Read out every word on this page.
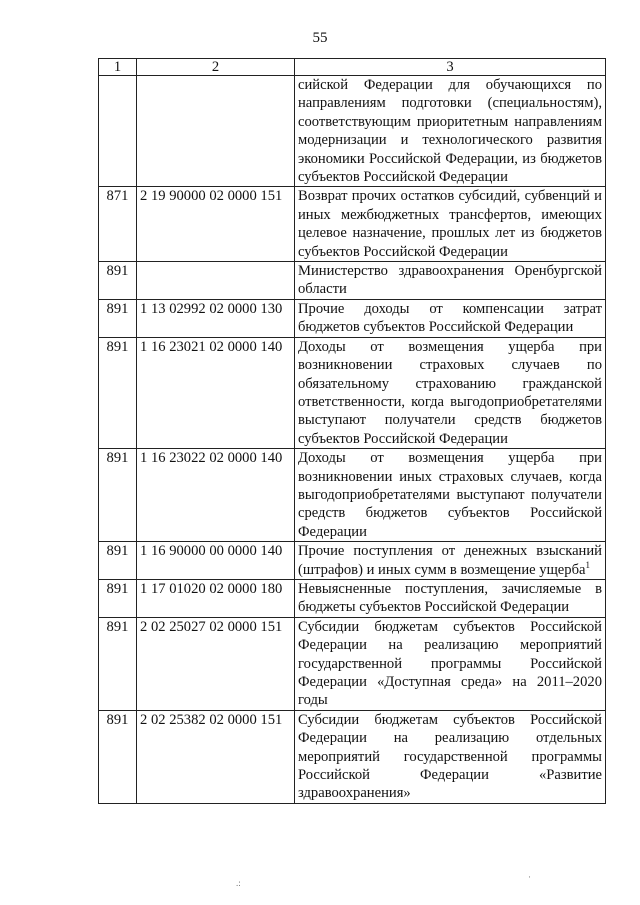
55
1	2	3
		сийской Федерации для обучающихся по направлениям подготовки (специальностям), соответствующим приоритетным направлениям модернизации и технологического развития экономики Российской Федерации, из бюджетов субъектов Российской Федерации
871	2 19 90000 02 0000 151	Возврат прочих остатков субсидий, субвенций и иных межбюджетных трансфертов, имеющих целевое назначение, прошлых лет из бюджетов субъектов Российской Федерации
891		Министерство здравоохранения Оренбургской области
891	1 13 02992 02 0000 130	Прочие доходы от компенсации затрат бюджетов субъектов Российской Федерации
891	1 16 23021 02 0000 140	Доходы от возмещения ущерба при возникновении страховых случаев по обязательному страхованию гражданской ответственности, когда выгодоприобретателями выступают получатели средств бюджетов субъектов Российской Федерации
891	1 16 23022 02 0000 140	Доходы от возмещения ущерба при возникновении иных страховых случаев, когда выгодоприобретателями выступают получатели средств бюджетов субъектов Российской Федерации
891	1 16 90000 00 0000 140	Прочие поступления от денежных взысканий (штрафов) и иных сумм в возмещение ущерба$^1$
891	1 17 01020 02 0000 180	Невыясненные поступления, зачисляемые в бюджеты субъектов Российской Федерации
891	2 02 25027 02 0000 151	Субсидии бюджетам субъектов Российской Федерации на реализацию мероприятий государственной программы Российской Федерации «Доступная среда» на 2011–2020 годы
891	2 02 25382 02 0000 151	Субсидии бюджетам субъектов Российской Федерации на реализацию отдельных мероприятий государственной программы Российской Федерации «Развитие здравоохранения»
.:
·
